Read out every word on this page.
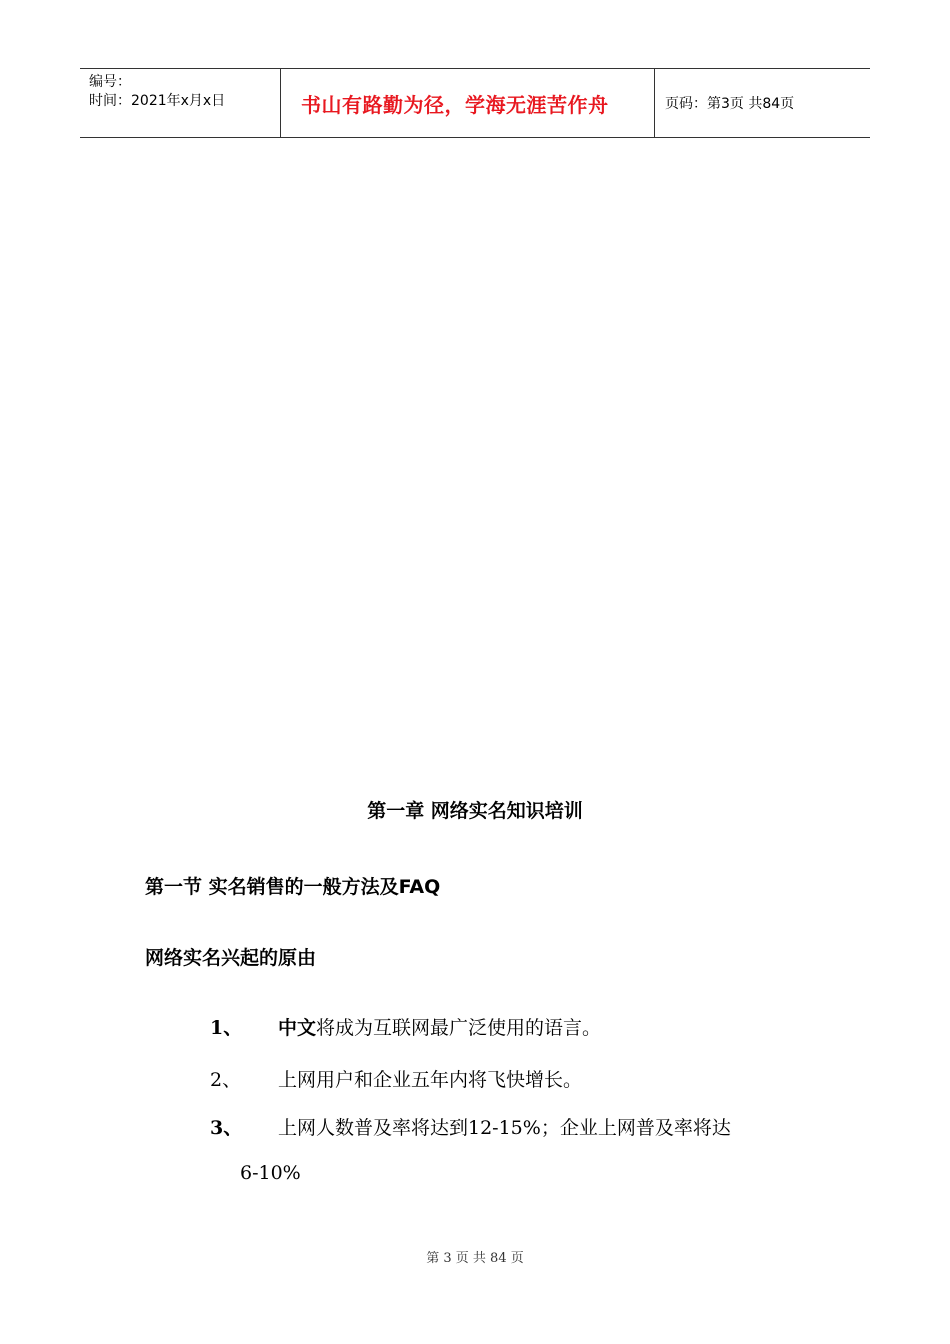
编号：
时间：2021年x月x日	书山有路勤为径，学海无涯苦作舟	页码：第3页 共84页
第一章 网络实名知识培训
第一节 实名销售的一般方法及FAQ
网络实名兴起的原由
1、 中文将成为互联网最广泛使用的语言。
2、 上网用户和企业五年内将飞快增长。
3、 上网人数普及率将达到12-15%；企业上网普及率将达
6-10%
第 3 页 共 84 页
